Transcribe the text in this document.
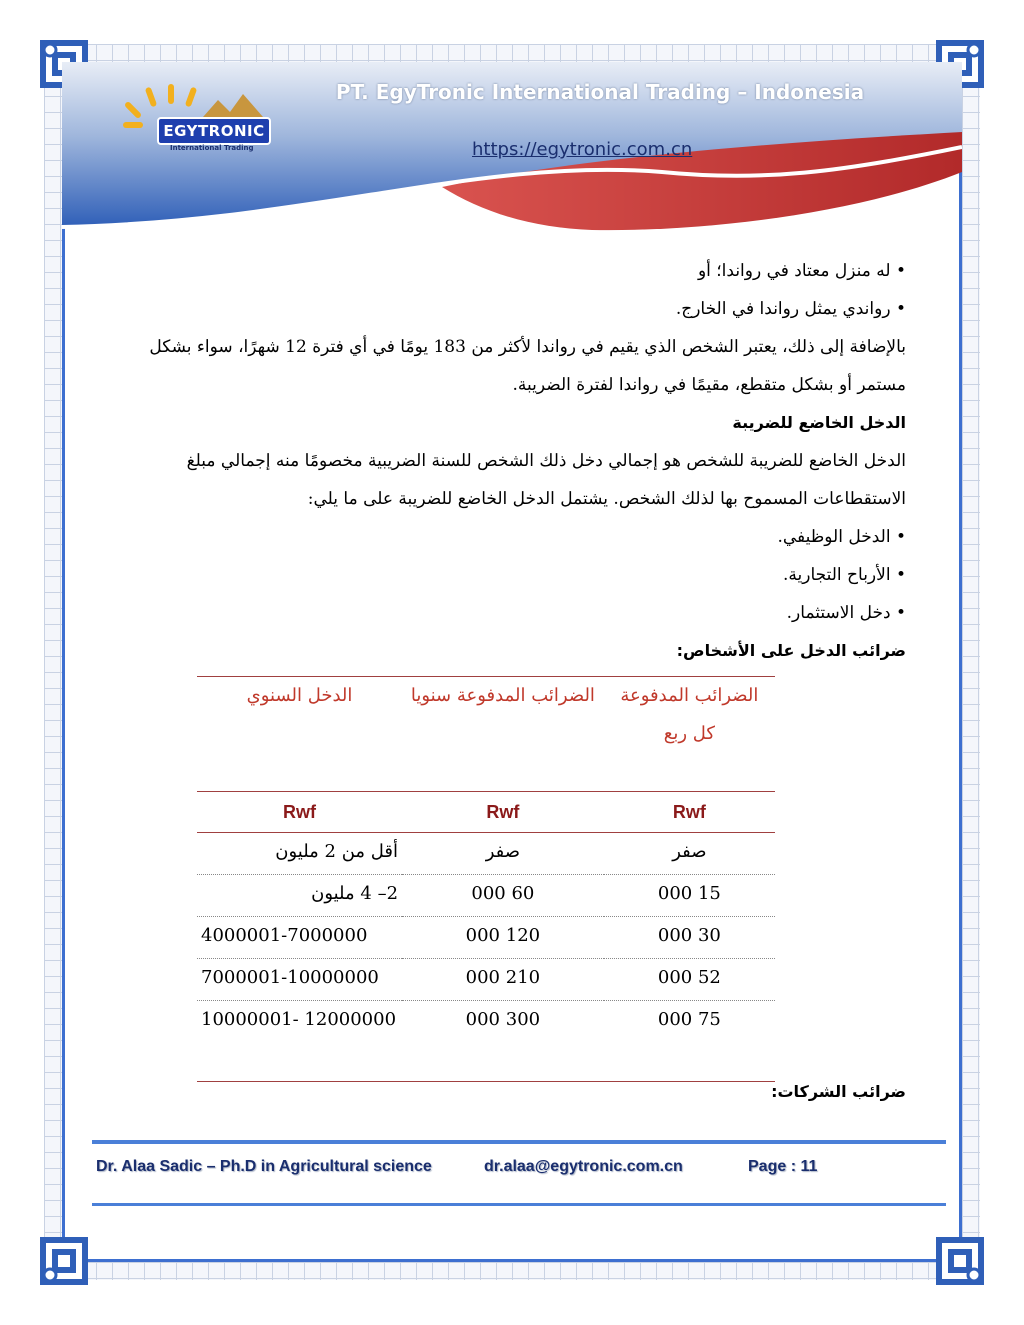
PT. EgyTronic International Trading – Indonesia
https://egytronic.com.cn
EGYTRONIC
International Trading

• له منزل معتاد في رواندا؛ أو

• رواندي يمثل رواندا في الخارج.

بالإضافة إلى ذلك، يعتبر الشخص الذي يقيم في رواندا لأكثر من 183 يومًا في أي فترة 12 شهرًا، سواء بشكل مستمر أو بشكل متقطع، مقيمًا في رواندا لفترة الضريبة.

الدخل الخاضع للضريبة

الدخل الخاضع للضريبة للشخص هو إجمالي دخل ذلك الشخص للسنة الضريبية مخصومًا منه إجمالي مبلغ الاستقطاعات المسموح بها لذلك الشخص. يشتمل الدخل الخاضع للضريبة على ما يلي:

• الدخل الوظيفي.

• الأرباح التجارية.

• دخل الاستثمار.

ضرائب الدخل على الأشخاص:

الضرائب المدفوعة كل ربع	الضرائب المدفوعة سنويا	الدخل السنوي
Rwf	Rwf	Rwf
صفر	صفر	أقل من 2 مليون
15 000	60 000	2– 4 مليون
30 000	120 000	4000001-7000000
52 000	210 000	7000001-10000000
75 000	300 000	10000001- 12000000
ضرائب الشركات:
Dr. Alaa Sadic – Ph.D in Agricultural science	dr.alaa@egytronic.com.cn	Page : 11
